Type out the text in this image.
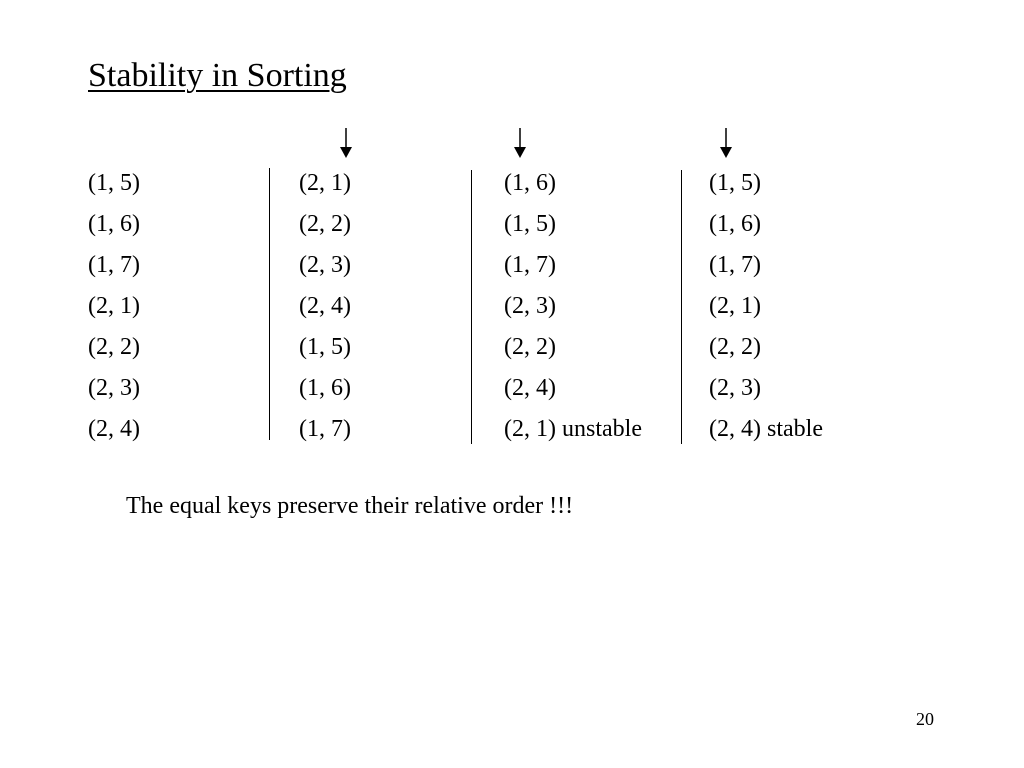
Stability in Sorting
(1, 5)
(1, 6)
(1, 7)
(2, 1)
(2, 2)
(2, 3)
(2, 4)
(2, 1)
(2, 2)
(2, 3)
(2, 4)
(1, 5)
(1, 6)
(1, 7)
(1, 6)
(1, 5)
(1, 7)
(2, 3)
(2, 2)
(2, 4)
(2, 1) unstable
(1, 5)
(1, 6)
(1, 7)
(2, 1)
(2, 2)
(2, 3)
(2, 4) stable
The equal keys preserve their relative order !!!
20
